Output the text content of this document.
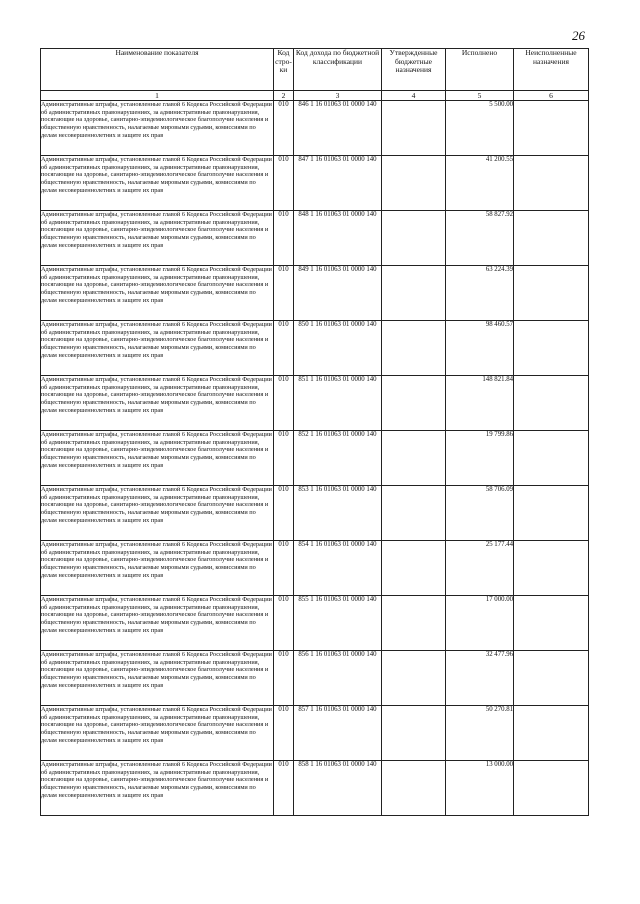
26
Наименование показателя	Код стро-ки	Код дохода по бюджетной классификации	Утвержденные бюджетные назначения	Исполнено	Неисполненные назначения
1	2	3	4	5	6
Административные штрафы, установленные главой 6 Кодекса Российской Федерации об административных правонарушениях, за административные правонарушения, посягающие на здоровье, санитарно-эпидемиологическое благополучие населения и общественную нравственность, налагаемые мировыми судьями, комиссиями по делам несовершеннолетних и защите их прав	010	846 1 16 01063 01 0000 140		5 500.00	
Административные штрафы, установленные главой 6 Кодекса Российской Федерации об административных правонарушениях, за административные правонарушения, посягающие на здоровье, санитарно-эпидемиологическое благополучие населения и общественную нравственность, налагаемые мировыми судьями, комиссиями по делам несовершеннолетних и защите их прав	010	847 1 16 01063 01 0000 140		41 200.55	
Административные штрафы, установленные главой 6 Кодекса Российской Федерации об административных правонарушениях, за административные правонарушения, посягающие на здоровье, санитарно-эпидемиологическое благополучие населения и общественную нравственность, налагаемые мировыми судьями, комиссиями по делам несовершеннолетних и защите их прав	010	848 1 16 01063 01 0000 140		58 827.92	
Административные штрафы, установленные главой 6 Кодекса Российской Федерации об административных правонарушениях, за административные правонарушения, посягающие на здоровье, санитарно-эпидемиологическое благополучие населения и общественную нравственность, налагаемые мировыми судьями, комиссиями по делам несовершеннолетних и защите их прав	010	849 1 16 01063 01 0000 140		63 224.39	
Административные штрафы, установленные главой 6 Кодекса Российской Федерации об административных правонарушениях, за административные правонарушения, посягающие на здоровье, санитарно-эпидемиологическое благополучие населения и общественную нравственность, налагаемые мировыми судьями, комиссиями по делам несовершеннолетних и защите их прав	010	850 1 16 01063 01 0000 140		98 460.57	
Административные штрафы, установленные главой 6 Кодекса Российской Федерации об административных правонарушениях, за административные правонарушения, посягающие на здоровье, санитарно-эпидемиологическое благополучие населения и общественную нравственность, налагаемые мировыми судьями, комиссиями по делам несовершеннолетних и защите их прав	010	851 1 16 01063 01 0000 140		148 821.84	
Административные штрафы, установленные главой 6 Кодекса Российской Федерации об административных правонарушениях, за административные правонарушения, посягающие на здоровье, санитарно-эпидемиологическое благополучие населения и общественную нравственность, налагаемые мировыми судьями, комиссиями по делам несовершеннолетних и защите их прав	010	852 1 16 01063 01 0000 140		19 799.86	
Административные штрафы, установленные главой 6 Кодекса Российской Федерации об административных правонарушениях, за административные правонарушения, посягающие на здоровье, санитарно-эпидемиологическое благополучие населения и общественную нравственность, налагаемые мировыми судьями, комиссиями по делам несовершеннолетних и защите их прав	010	853 1 16 01063 01 0000 140		58 706.09	
Административные штрафы, установленные главой 6 Кодекса Российской Федерации об административных правонарушениях, за административные правонарушения, посягающие на здоровье, санитарно-эпидемиологическое благополучие населения и общественную нравственность, налагаемые мировыми судьями, комиссиями по делам несовершеннолетних и защите их прав	010	854 1 16 01063 01 0000 140		25 177.44	
Административные штрафы, установленные главой 6 Кодекса Российской Федерации об административных правонарушениях, за административные правонарушения, посягающие на здоровье, санитарно-эпидемиологическое благополучие населения и общественную нравственность, налагаемые мировыми судьями, комиссиями по делам несовершеннолетних и защите их прав	010	855 1 16 01063 01 0000 140		17 000.00	
Административные штрафы, установленные главой 6 Кодекса Российской Федерации об административных правонарушениях, за административные правонарушения, посягающие на здоровье, санитарно-эпидемиологическое благополучие населения и общественную нравственность, налагаемые мировыми судьями, комиссиями по делам несовершеннолетних и защите их прав	010	856 1 16 01063 01 0000 140		32 477.96	
Административные штрафы, установленные главой 6 Кодекса Российской Федерации об административных правонарушениях, за административные правонарушения, посягающие на здоровье, санитарно-эпидемиологическое благополучие населения и общественную нравственность, налагаемые мировыми судьями, комиссиями по делам несовершеннолетних и защите их прав	010	857 1 16 01063 01 0000 140		50 270.81	
Административные штрафы, установленные главой 6 Кодекса Российской Федерации об административных правонарушениях, за административные правонарушения, посягающие на здоровье, санитарно-эпидемиологическое благополучие населения и общественную нравственность, налагаемые мировыми судьями, комиссиями по делам несовершеннолетних и защите их прав	010	858 1 16 01063 01 0000 140		13 000.00	
